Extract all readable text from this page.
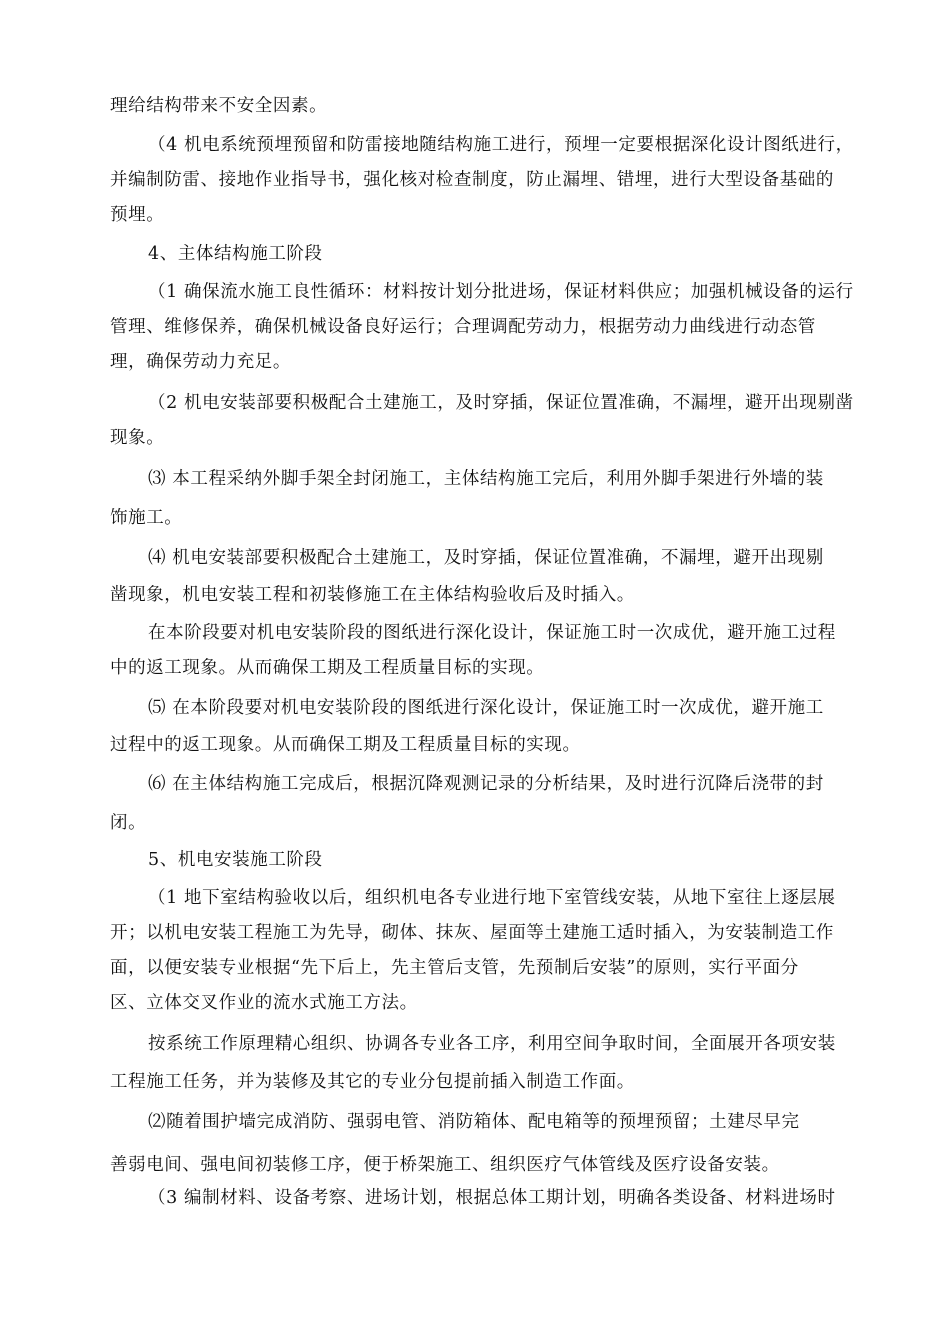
理给结构带来不安全因素。
（4 机电系统预埋预留和防雷接地随结构施工进行，预埋一定要根据深化设计图纸进行，
并编制防雷、接地作业指导书，强化核对检查制度，防止漏埋、错埋，进行大型设备基础的
预埋。
4、主体结构施工阶段
（1 确保流水施工良性循环：材料按计划分批进场，保证材料供应；加强机械设备的运行
管理、维修保养，确保机械设备良好运行；合理调配劳动力，根据劳动力曲线进行动态管
理，确保劳动力充足。
（2 机电安装部要积极配合土建施工，及时穿插，保证位置准确，不漏埋，避开出现剔凿
现象。
⑶ 本工程采纳外脚手架全封闭施工，主体结构施工完后，利用外脚手架进行外墙的装
饰施工。
⑷ 机电安装部要积极配合土建施工，及时穿插，保证位置准确，不漏埋，避开出现剔
凿现象，机电安装工程和初装修施工在主体结构验收后及时插入。
在本阶段要对机电安装阶段的图纸进行深化设计，保证施工时一次成优，避开施工过程
中的返工现象。从而确保工期及工程质量目标的实现。
⑸ 在本阶段要对机电安装阶段的图纸进行深化设计，保证施工时一次成优，避开施工
过程中的返工现象。从而确保工期及工程质量目标的实现。
⑹ 在主体结构施工完成后，根据沉降观测记录的分析结果，及时进行沉降后浇带的封
闭。
5、机电安装施工阶段
（1 地下室结构验收以后，组织机电各专业进行地下室管线安装，从地下室往上逐层展
开；以机电安装工程施工为先导，砌体、抹灰、屋面等土建施工适时插入，为安装制造工作
面，以便安装专业根据“先下后上，先主管后支管，先预制后安装”的原则，实行平面分
区、立体交叉作业的流水式施工方法。
按系统工作原理精心组织、协调各专业各工序，利用空间争取时间，全面展开各项安装
工程施工任务，并为装修及其它的专业分包提前插入制造工作面。
⑵随着围护墙完成消防、强弱电管、消防箱体、配电箱等的预埋预留；土建尽早完
善弱电间、强电间初装修工序，便于桥架施工、组织医疗气体管线及医疗设备安装。
（3 编制材料、设备考察、进场计划，根据总体工期计划，明确各类设备、材料进场时
